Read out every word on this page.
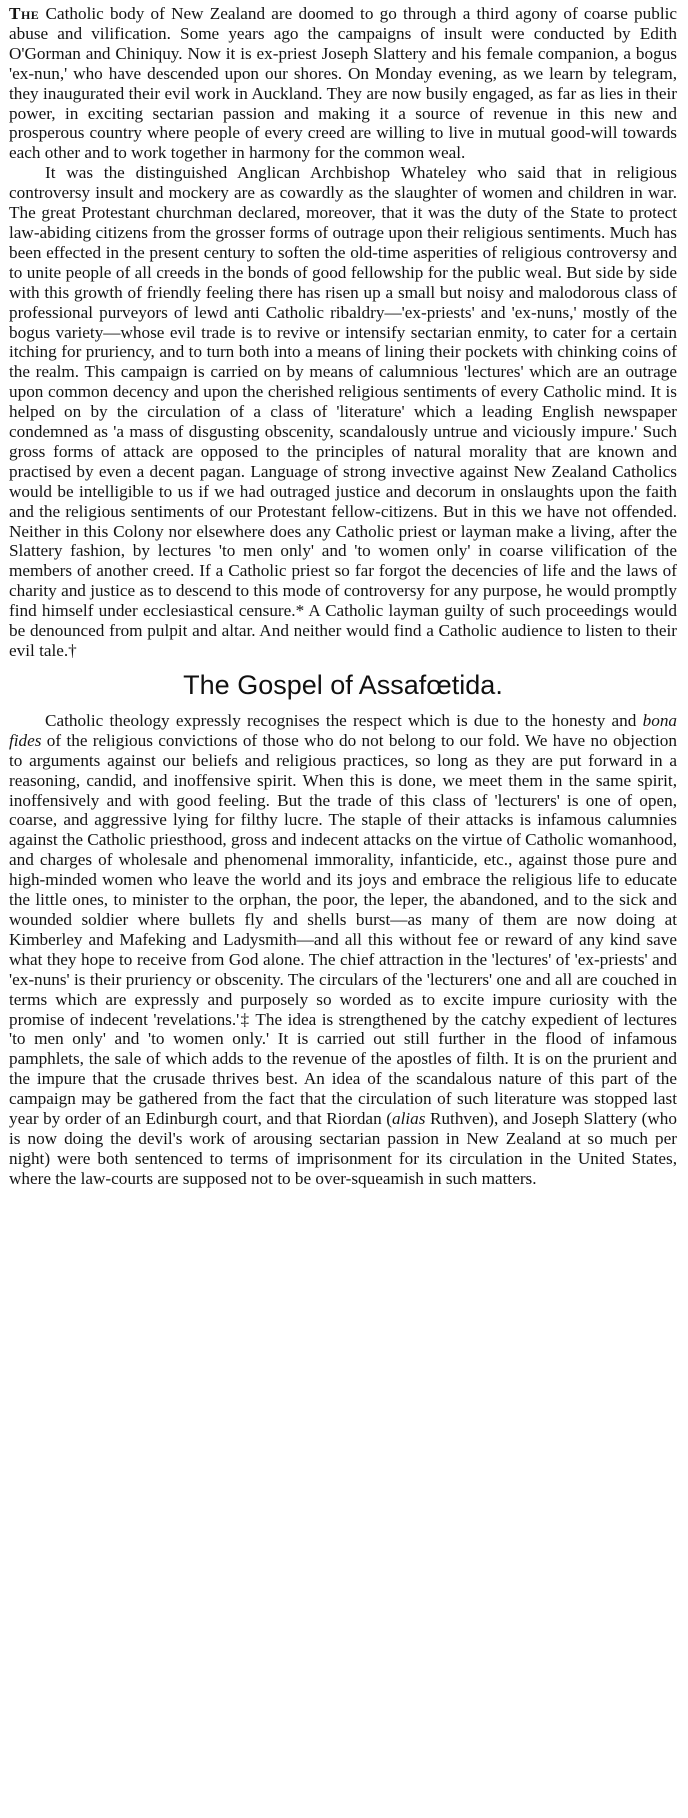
The Catholic body of New Zealand are doomed to go through a third agony of coarse public abuse and vilification. Some years ago the campaigns of insult were conducted by Edith O'Gorman and Chiniquy. Now it is ex-priest Joseph Slattery and his female companion, a bogus 'ex-nun,' who have descended upon our shores. On Monday evening, as we learn by telegram, they inaugurated their evil work in Auckland. They are now busily engaged, as far as lies in their power, in exciting sectarian passion and making it a source of revenue in this new and prosperous country where people of every creed are willing to live in mutual good-will towards each other and to work together in harmony for the common weal.

It was the distinguished Anglican Archbishop Whateley who said that in religious controversy insult and mockery are as cowardly as the slaughter of women and children in war. The great Protestant churchman declared, moreover, that it was the duty of the State to protect law-abiding citizens from the grosser forms of outrage upon their religious sentiments. Much has been effected in the present century to soften the old-time asperities of religious controversy and to unite people of all creeds in the bonds of good fellowship for the public weal. But side by side with this growth of friendly feeling there has risen up a small but noisy and malodorous class of professional purveyors of lewd anti Catholic ribaldry—'ex-priests' and 'ex-nuns,' mostly of the bogus variety—whose evil trade is to revive or intensify sectarian enmity, to cater for a certain itching for pruriency, and to turn both into a means of lining their pockets with chinking coins of the realm. This campaign is carried on by means of calumnious 'lectures' which are an outrage upon common decency and upon the cherished religious sentiments of every Catholic mind. It is helped on by the circulation of a class of 'literature' which a leading English newspaper condemned as 'a mass of disgusting obscenity, scandalously untrue and viciously impure.' Such gross forms of attack are opposed to the principles of natural morality that are known and practised by even a decent pagan. Language of strong invective against New Zealand Catholics would be intelligible to us if we had outraged justice and decorum in onslaughts upon the faith and the religious sentiments of our Protestant fellow-citizens. But in this we have not offended. Neither in this Colony nor elsewhere does any Catholic priest or layman make a living, after the Slattery fashion, by lectures 'to men only' and 'to women only' in coarse vilification of the members of another creed. If a Catholic priest so far forgot the decencies of life and the laws of charity and justice as to descend to this mode of controversy for any purpose, he would promptly find himself under ecclesiastical censure.* A Catholic layman guilty of such proceedings would be denounced from pulpit and altar. And neither would find a Catholic audience to listen to their evil tale.†

The Gospel of Assafœtida.

Catholic theology expressly recognises the respect which is due to the honesty and bona fides of the religious convictions of those who do not belong to our fold. We have no objection to arguments against our beliefs and religious practices, so long as they are put forward in a reasoning, candid, and inoffensive spirit. When this is done, we meet them in the same spirit, inoffensively and with good feeling. But the trade of this class of 'lecturers' is one of open, coarse, and aggressive lying for filthy lucre. The staple of their attacks is infamous calumnies against the Catholic priesthood, gross and indecent attacks on the virtue of Catholic womanhood, and charges of wholesale and phenomenal immorality, infanticide, etc., against those pure and high-minded women who leave the world and its joys and embrace the religious life to educate the little ones, to minister to the orphan, the poor, the leper, the abandoned, and to the sick and wounded soldier where bullets fly and shells burst—as many of them are now doing at Kimberley and Mafeking and Ladysmith—and all this without fee or reward of any kind save what they hope to receive from God alone. The chief attraction in the 'lectures' of 'ex-priests' and 'ex-nuns' is their pruriency or obscenity. The circulars of the 'lecturers' one and all are couched in terms which are expressly and purposely so worded as to excite impure curiosity with the promise of indecent 'revelations.'‡ The idea is strengthened by the catchy expedient of lectures 'to men only' and 'to women only.' It is carried out still further in the flood of infamous pamphlets, the sale of which adds to the revenue of the apostles of filth. It is on the prurient and the impure that the crusade thrives best. An idea of the scandalous nature of this part of the campaign may be gathered from the fact that the circulation of such literature was stopped last year by order of an Edinburgh court, and that Riordan (alias Ruthven), and Joseph Slattery (who is now doing the devil's work of arousing sectarian passion in New Zealand at so much per night) were both sentenced to terms of imprisonment for its circulation in the United States, where the law-courts are supposed not to be over-squeamish in such matters.
